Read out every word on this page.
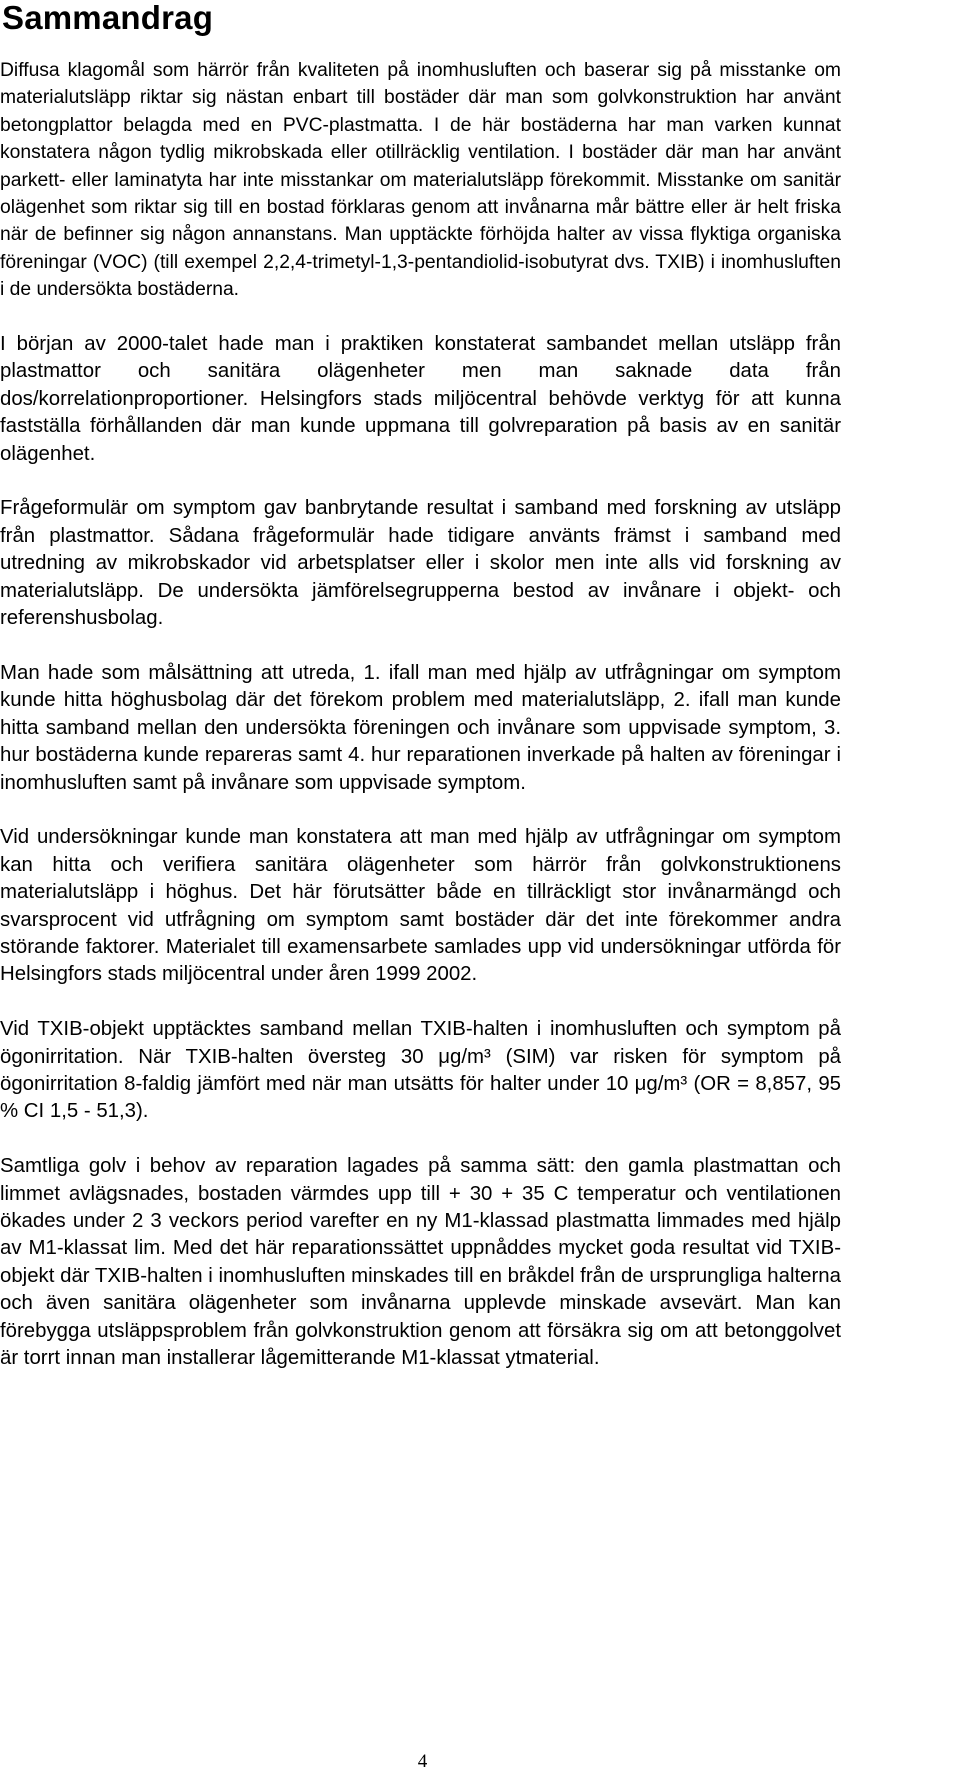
Sammandrag

Diffusa klagomål som härrör från kvaliteten på inomhusluften och baserar sig på misstanke om materialutsläpp riktar sig nästan enbart till bostäder där man som golvkonstruktion har använt betongplattor belagda med en PVC-plastmatta. I de här bostäderna har man varken kunnat konstatera någon tydlig mikrobskada eller otillräcklig ventilation. I bostäder där man har använt parkett- eller laminatyta har inte misstankar om materialutsläpp förekommit. Misstanke om sanitär olägenhet som riktar sig till en bostad förklaras genom att invånarna mår bättre eller är helt friska när de befinner sig någon annanstans. Man upptäckte förhöjda halter av vissa flyktiga organiska föreningar (VOC) (till exempel 2,2,4-trimetyl-1,3-pentandiolid-isobutyrat dvs. TXIB) i inomhusluften i de undersökta bostäderna.

I början av 2000-talet hade man i praktiken konstaterat sambandet mellan utsläpp från plastmattor och sanitära olägenheter men man saknade data från dos/korrelationproportioner. Helsingfors stads miljöcentral behövde verktyg för att kunna fastställa förhållanden där man kunde uppmana till golvreparation på basis av en sanitär olägenhet.

Frågeformulär om symptom gav banbrytande resultat i samband med forskning av utsläpp från plastmattor. Sådana frågeformulär hade tidigare använts främst i samband med utredning av mikrobskador vid arbetsplatser eller i skolor men inte alls vid forskning av materialutsläpp. De undersökta jämförelsegrupperna bestod av invånare i objekt- och referenshusbolag.

Man hade som målsättning att utreda, 1. ifall man med hjälp av utfrågningar om symptom kunde hitta höghusbolag där det förekom problem med materialutsläpp, 2. ifall man kunde hitta samband mellan den undersökta föreningen och invånare som uppvisade symptom, 3. hur bostäderna kunde repareras samt 4. hur reparationen inverkade på halten av föreningar i inomhusluften samt på invånare som uppvisade symptom.

Vid undersökningar kunde man konstatera att man med hjälp av utfrågningar om symptom kan hitta och verifiera sanitära olägenheter som härrör från golvkonstruktionens materialutsläpp i höghus. Det här förutsätter både en tillräckligt stor invånarmängd och svarsprocent vid utfrågning om symptom samt bostäder där det inte förekommer andra störande faktorer. Materialet till examensarbete samlades upp vid undersökningar utförda för Helsingfors stads miljöcentral under åren 1999 2002.

Vid TXIB-objekt upptäcktes samband mellan TXIB-halten i inomhusluften och symptom på ögonirritation. När TXIB-halten översteg 30 μg/m³ (SIM) var risken för symptom på ögonirritation 8-faldig jämfört med när man utsätts för halter under 10 μg/m³ (OR = 8,857, 95 % CI 1,5 - 51,3).

Samtliga golv i behov av reparation lagades på samma sätt: den gamla plastmattan och limmet avlägsnades, bostaden värmdes upp till + 30 + 35 C temperatur och ventilationen ökades under 2 3 veckors period varefter en ny M1-klassad plastmatta limmades med hjälp av M1-klassat lim. Med det här reparationssättet uppnåddes mycket goda resultat vid TXIB-objekt där TXIB-halten i inomhusluften minskades till en bråkdel från de ursprungliga halterna och även sanitära olägenheter som invånarna upplevde minskade avsevärt. Man kan förebygga utsläppsproblem från golvkonstruktion genom att försäkra sig om att betonggolvet är torrt innan man installerar lågemitterande M1-klassat ytmaterial.

4
